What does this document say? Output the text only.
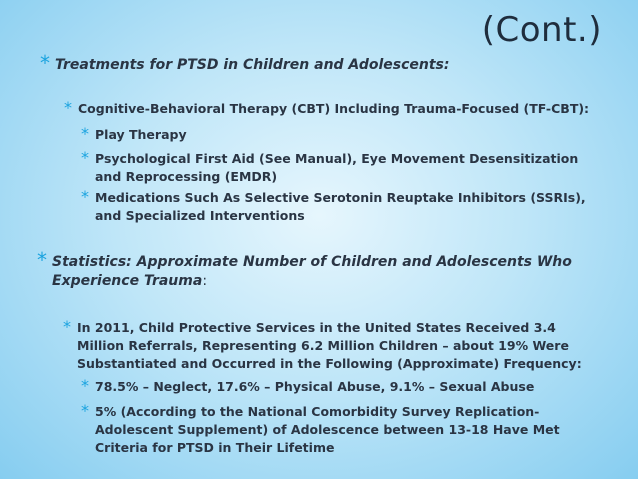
(Cont.)
* Treatments for PTSD in Children and Adolescents:
* Cognitive-Behavioral Therapy (CBT) Including Trauma-Focused (TF-CBT):
* Play Therapy
* Psychological First Aid (See Manual), Eye Movement Desensitization and Reprocessing (EMDR)
* Medications Such As Selective Serotonin Reuptake Inhibitors (SSRIs), and Specialized Interventions
* Statistics: Approximate Number of Children and Adolescents Who Experience Trauma:
* In 2011, Child Protective Services in the United States Received 3.4 Million Referrals, Representing 6.2 Million Children – about 19% Were Substantiated and Occurred in the Following (Approximate) Frequency:
* 78.5% – Neglect, 17.6% – Physical Abuse, 9.1% – Sexual Abuse
* 5% (According to the National Comorbidity Survey Replication-Adolescent Supplement) of Adolescence between 13-18 Have Met Criteria for PTSD in Their Lifetime
